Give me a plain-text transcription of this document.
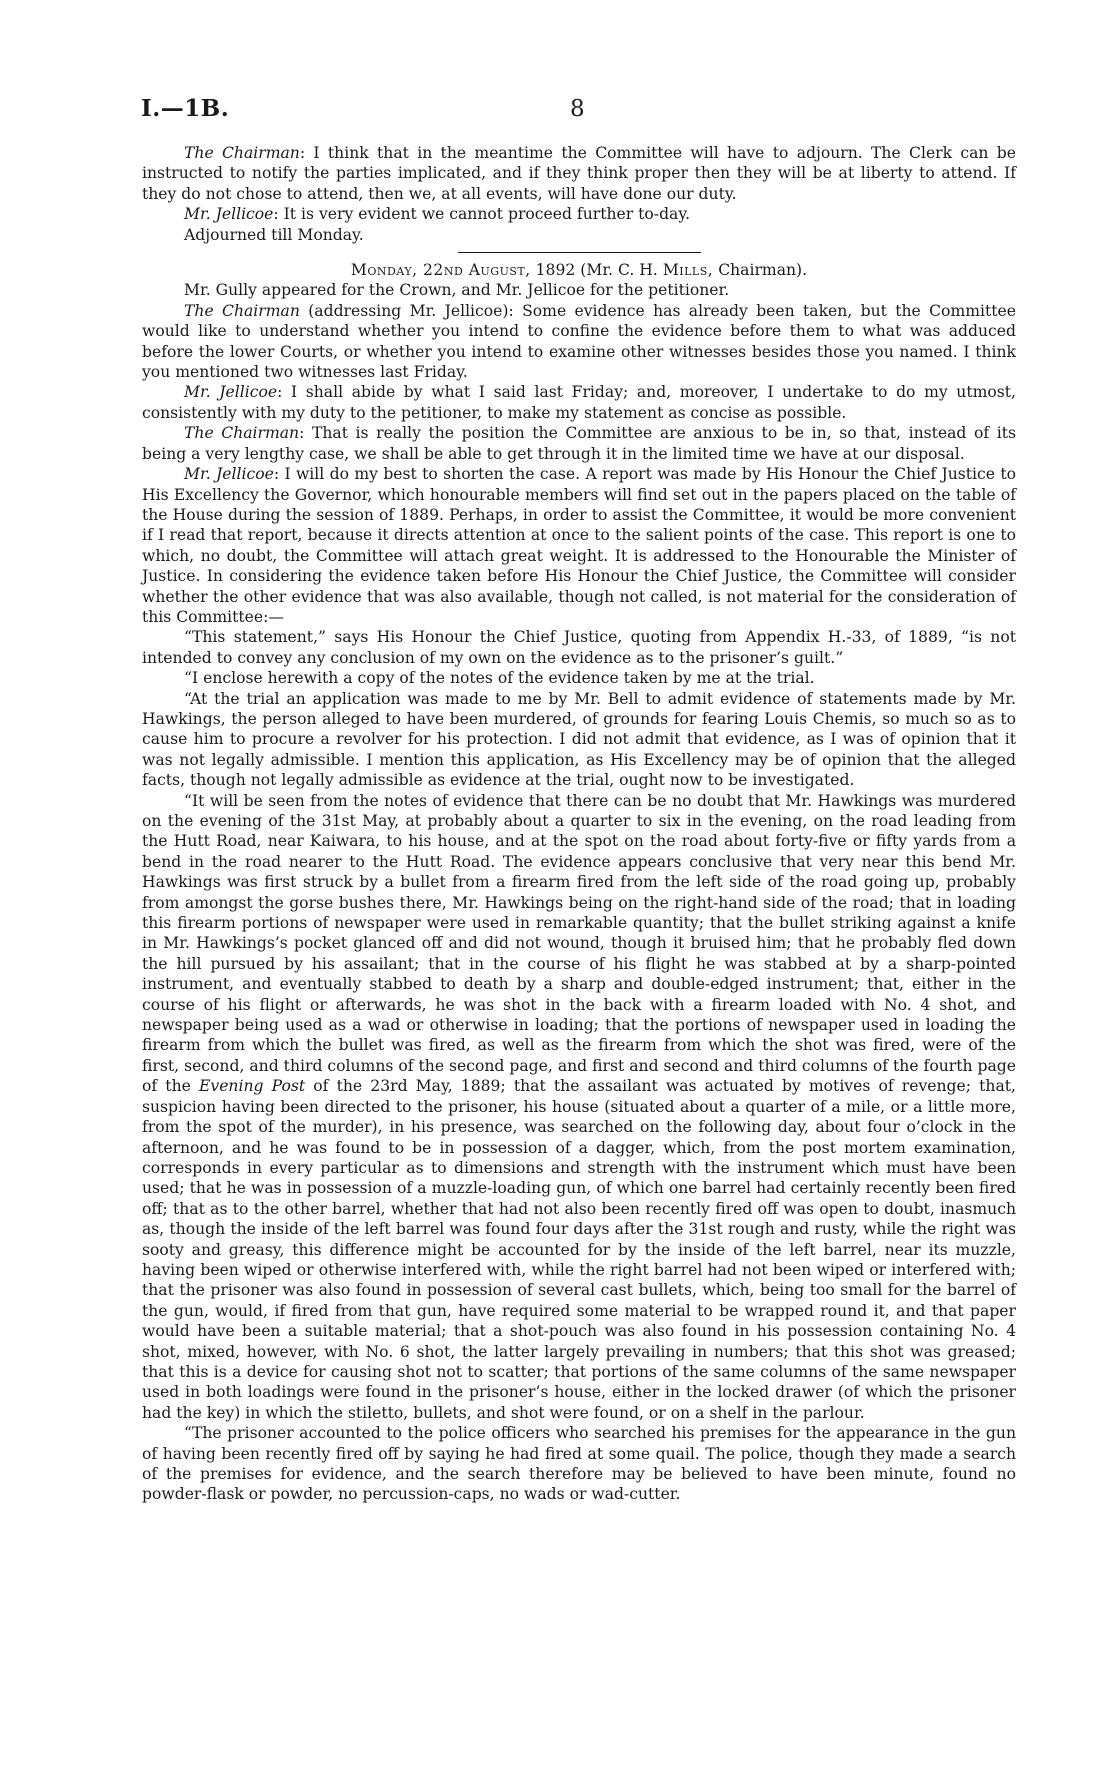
I.—1B.	8

The Chairman: I think that in the meantime the Committee will have to adjourn. The Clerk can be instructed to notify the parties implicated, and if they think proper then they will be at liberty to attend. If they do not chose to attend, then we, at all events, will have done our duty.

Mr. Jellicoe: It is very evident we cannot proceed further to-day.

Adjourned till Monday.

Monday, 22nd August, 1892 (Mr. C. H. Mills, Chairman).

Mr. Gully appeared for the Crown, and Mr. Jellicoe for the petitioner.

The Chairman (addressing Mr. Jellicoe): Some evidence has already been taken, but the Committee would like to understand whether you intend to confine the evidence before them to what was adduced before the lower Courts, or whether you intend to examine other witnesses besides those you named. I think you mentioned two witnesses last Friday.

Mr. Jellicoe: I shall abide by what I said last Friday; and, moreover, I undertake to do my utmost, consistently with my duty to the petitioner, to make my statement as concise as possible.

The Chairman: That is really the position the Committee are anxious to be in, so that, instead of its being a very lengthy case, we shall be able to get through it in the limited time we have at our disposal.

Mr. Jellicoe: I will do my best to shorten the case. A report was made by His Honour the Chief Justice to His Excellency the Governor, which honourable members will find set out in the papers placed on the table of the House during the session of 1889. Perhaps, in order to assist the Committee, it would be more convenient if I read that report, because it directs attention at once to the salient points of the case. This report is one to which, no doubt, the Committee will attach great weight. It is addressed to the Honourable the Minister of Justice. In considering the evidence taken before His Honour the Chief Justice, the Committee will consider whether the other evidence that was also available, though not called, is not material for the consideration of this Committee:—

“This statement,” says His Honour the Chief Justice, quoting from Appendix H.-33, of 1889, “is not intended to convey any conclusion of my own on the evidence as to the prisoner’s guilt.”

“I enclose herewith a copy of the notes of the evidence taken by me at the trial.

“At the trial an application was made to me by Mr. Bell to admit evidence of statements made by Mr. Hawkings, the person alleged to have been murdered, of grounds for fearing Louis Chemis, so much so as to cause him to procure a revolver for his protection. I did not admit that evidence, as I was of opinion that it was not legally admissible. I mention this application, as His Excellency may be of opinion that the alleged facts, though not legally admissible as evidence at the trial, ought now to be investigated.

“It will be seen from the notes of evidence that there can be no doubt that Mr. Hawkings was murdered on the evening of the 31st May, at probably about a quarter to six in the evening, on the road leading from the Hutt Road, near Kaiwara, to his house, and at the spot on the road about forty-five or fifty yards from a bend in the road nearer to the Hutt Road. The evidence appears conclusive that very near this bend Mr. Hawkings was first struck by a bullet from a firearm fired from the left side of the road going up, probably from amongst the gorse bushes there, Mr. Hawkings being on the right-hand side of the road; that in loading this firearm portions of newspaper were used in remarkable quantity; that the bullet striking against a knife in Mr. Hawkings’s pocket glanced off and did not wound, though it bruised him; that he probably fled down the hill pursued by his assailant; that in the course of his flight he was stabbed at by a sharp-pointed instrument, and eventually stabbed to death by a sharp and double-edged instrument; that, either in the course of his flight or afterwards, he was shot in the back with a firearm loaded with No. 4 shot, and newspaper being used as a wad or otherwise in loading; that the portions of newspaper used in loading the firearm from which the bullet was fired, as well as the firearm from which the shot was fired, were of the first, second, and third columns of the second page, and first and second and third columns of the fourth page of the Evening Post of the 23rd May, 1889; that the assailant was actuated by motives of revenge; that, suspicion having been directed to the prisoner, his house (situated about a quarter of a mile, or a little more, from the spot of the murder), in his presence, was searched on the following day, about four o’clock in the afternoon, and he was found to be in possession of a dagger, which, from the post mortem examination, corresponds in every particular as to dimensions and strength with the instrument which must have been used; that he was in possession of a muzzle-loading gun, of which one barrel had certainly recently been fired off; that as to the other barrel, whether that had not also been recently fired off was open to doubt, inasmuch as, though the inside of the left barrel was found four days after the 31st rough and rusty, while the right was sooty and greasy, this difference might be accounted for by the inside of the left barrel, near its muzzle, having been wiped or otherwise interfered with, while the right barrel had not been wiped or interfered with; that the prisoner was also found in possession of several cast bullets, which, being too small for the barrel of the gun, would, if fired from that gun, have required some material to be wrapped round it, and that paper would have been a suitable material; that a shot-pouch was also found in his possession containing No. 4 shot, mixed, however, with No. 6 shot, the latter largely prevailing in numbers; that this shot was greased; that this is a device for causing shot not to scatter; that portions of the same columns of the same newspaper used in both loadings were found in the prisoner’s house, either in the locked drawer (of which the prisoner had the key) in which the stiletto, bullets, and shot were found, or on a shelf in the parlour.

“The prisoner accounted to the police officers who searched his premises for the appearance in the gun of having been recently fired off by saying he had fired at some quail. The police, though they made a search of the premises for evidence, and the search therefore may be believed to have been minute, found no powder-flask or powder, no percussion-caps, no wads or wad-cutter.
